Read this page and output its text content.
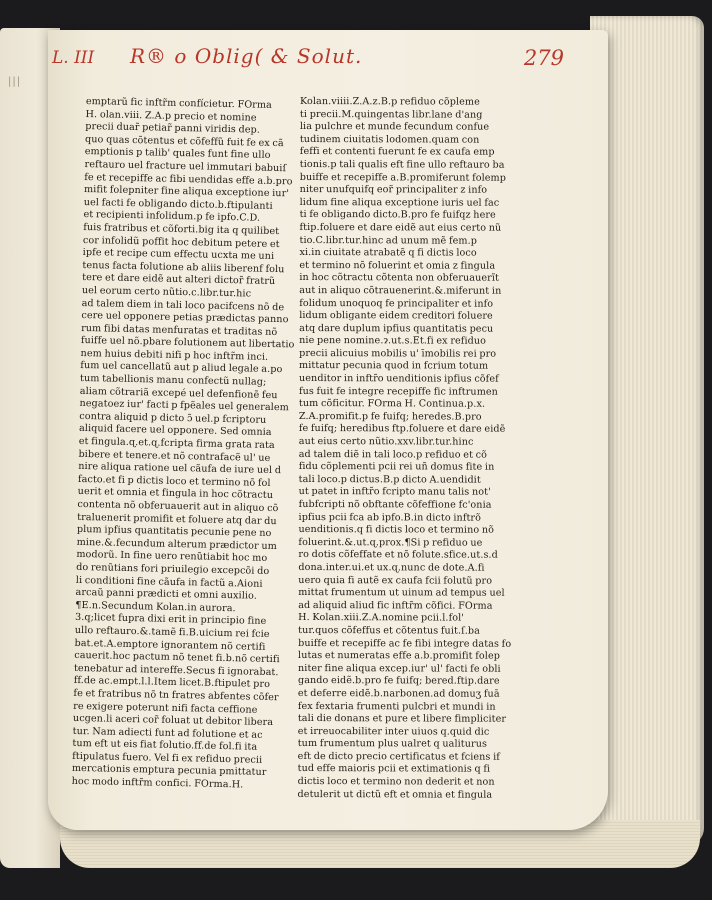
|||
L. III R® o Oblig( & Solut.	279
emptarũ fic inftr̃m confícietur. FOrma
H. olan.viii. Z.A.p precio et nomine
precii duar̃ petiar̃ panni viridis dep.
quo quas cõtentus et cõfeffũ fuit fe ex cã
emptionis p talib' quales funt fine ullo
reftauro uel fracture uel immutari babuiſ
fe et recepiffe ac fibi uendidas effe a.b.pro
mifit folepniter fine aliqua exceptione iur'
uel facti fe obligando dicto.b.ftipulanti
et recipienti infolidum.p fe ipfo.C.D.
fuis fratribus et cõforti.big ita q quilibet
cor infolidũ poffit hoc debitum petere et
ipfe et recipe cum effectu ucxta me uni
tenus facta folutione ab aliis liberenf folu
tere et dare eidẽ aut alteri dictor̃ fratrũ
uel eorum certo nũtio.c.libr.tur.hic
ad talem diem in tali loco pacifcens nõ de
cere uel opponere petias prædictas panno
rum fibi datas menfuratas et traditas nõ
fuiffe uel nõ.pbare folutionem aut libertatio
nem huius debiti nifi p hoc inftr̃m inci.
fum uel cancellatũ aut p aliud legale a.po
tum tabellionis manu confectũ nullag;
aliam cõtrariã excepé uel defenfionẽ feu
negatoez iur' facti p fpẽales uel generalem
contra aliquid p dicto ɔ̃ uel.p fcriptoru
aliquid facere uel opponere. Sed omnia
et fingula.ɋ.et.ɋ.fcripta firma grata rata
bibere et tenere.et nõ contrafacẽ ul' ue
nire aliqua ratione uel cãufa de iure uel d
facto.et fi p dictis loco et termino nõ fol
uerit et omnia et fingula in hoc cõtractu
contenta nõ obferuauerit aut in aliquo cõ
traluenerit promifit et foluere atq dar du
plum ipfius quantitatis pecunie pene no
mine.&.fecundum alterum prædictor um
modorũ. In fine uero renũtiabit hoc mo
do renũtians fori priuilegio excepcõi do
li conditioni fine cãufa in factũ a.Aioni
arcaũ panni prædicti et omni auxilio.
¶E.n.Secundum Kolan.in aurora.
3.q;licet fupra dixi erit in principio fine
ullo reftauro.&.tamẽ fi.B.uicium rei fcie
bat.et.A.emptore ignorantem nõ certifi
cauerit.hoc pactum nõ tenet fi.b.nõ certifi
tenebatur ad intereffe.Secus fi ignorabat.
ff.de ac.empt.l.l.Item licet.B.ftipulet pro
fe et fratribus nõ tn fratres abfentes cõfer
re exigere poterunt nifi facta ceffione
ucgen.li aceri cor̃ foluat ut debitor libera
tur. Nam adiecti funt ad folutione et ac
tum eft ut eis fiat folutio.ff.de fol.fi ita
ftipulatus fuero. Vel fi ex refiduo precii
mercationis emptura pecunia pmittatur
hoc modo inftr̃m confici. FOrma.H.
Kolan.viiii.Z.A.z.B.p refiduo cõpleme
ti precii.M.quingentas libr.lane d'ang
lia pulchre et munde fecundum confue
tudinem ciuitatis lodomen.quam con
feffi et contenti fuerunt fe ex caufa emp
tionis.p tali qualis eft fine ullo reftauro ba
buiffe et recepiffe a.B.promiferunt folemp
niter unufquifq eor̃ principaliter z info
lidum fine aliqua exceptione iuris uel fac
ti fe obligando dicto.B.pro fe fuifqz here
ftip.foluere et dare eidẽ aut eius certo nũ
tio.C.libr.tur.hinc ad unum mẽ fem.p
xi.in ciuitate atrabatẽ q fi dictis loco
et termino nõ foluerint et omia z fingula
in hoc cõtractu cõtenta non obferuauerĩt
aut in aliquo cõtrauenerint.&.miferunt in
folidum unoquoq fe principaliter et info
lidum obligante eidem creditori foluere
atq dare duplum ipfius quantitatis pecu
nie pene nomine.ɂ.ut.s.Et.fi ex refiduo
precii alicuius mobilis u' īmobilis rei pro
mittatur pecunia quod in fcrium totum
uenditor in inftr̃o uenditionis ipfius cõfef
fus fuit fe integre recepiffe fic inftrumen
tum cõficitur. FOrma H. Continua.p.x.
Z.A.promifit.p fe fuifq; heredes.B.pro
fe fuifq; heredibus ftp.foluere et dare eidẽ
aut eius certo nũtio.xxv.libr.tur.hinc
ad talem diẽ in tali loco.p refiduo et cõ
fidu cõplementi pcii rei uñ domus fite in
tali loco.p dictus.B.p dicto A.uendidit
ut patet in inftr̃o fcripto manu talis not'
fubfcripti nõ obftante cõfeffione fc'onia
ipfius pcii fca ab ipfo.B.in dicto inftrõ
uenditionis.q fi dictis loco et termino nõ
foluerint.&.ut.ɋ.prox.¶Si p refiduo ue
ro dotis cõfeffate et nõ folute.sfice.ut.s.d
dona.inter.ui.et ux.ɋ.nunc de dote.A.fi
uero quia fi autẽ ex caufa fcii folutũ pro
mittat frumentum ut uinum ad tempus uel
ad aliquid aliud fic inftr̃m cõfici. FOrma
H. Kolan.xiii.Z.A.nomine pcii.l.fol'
tur.quos cõfeffus et cõtentus fuit.ſ.ba
buiffe et recepiffe ac fe fibi integre datas fo
lutas et numeratas effe a.b.promifit folep
niter fine aliqua excep.iur' ul' facti fe obli
gando eidẽ.b.pro fe fuifq; bered.ftip.dare
et deferre eidẽ.b.narbonen.ad domuʒ fuā
fex fextaria frumenti pulcbri et mundi in
tali die donans et pure et libere fimpliciter
et irreuocabiliter inter uiuos q.quid dic
tum frumentum plus ualret q ualiturus
eft de dicto precio certificatus et fciens if
tud effe maioris pcii et extimationis q fi
dictis loco et termino non dederit et non
detulerit ut dictũ eft et omnia et fingula
